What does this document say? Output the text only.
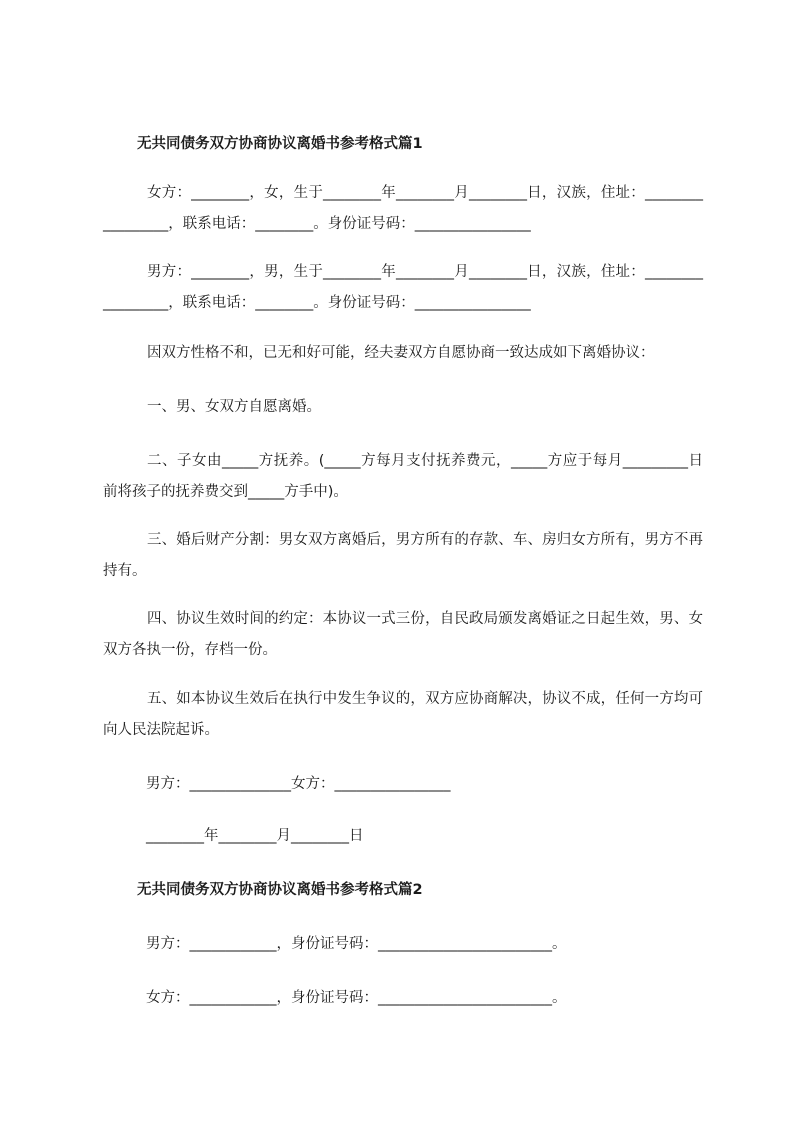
无共同债务双方协商协议离婚书参考格式篇1

女方：________，女，生于________年________月________日，汉族，住址：_________________，联系电话：________。身份证号码：________________

男方：________，男，生于________年________月________日，汉族，住址：_________________，联系电话：________。身份证号码：________________

因双方性格不和，已无和好可能，经夫妻双方自愿协商一致达成如下离婚协议：

一、男、女双方自愿离婚。

二、子女由_____方抚养。(_____方每月支付抚养费元，_____方应于每月_________日前将孩子的抚养费交到_____方手中)。

三、婚后财产分割：男女双方离婚后，男方所有的存款、车、房归女方所有，男方不再持有。

四、协议生效时间的约定：本协议一式三份，自民政局颁发离婚证之日起生效，男、女双方各执一份，存档一份。

五、如本协议生效后在执行中发生争议的，双方应协商解决，协议不成，任何一方均可向人民法院起诉。

男方：______________女方：________________
________年________月________日
无共同债务双方协商协议离婚书参考格式篇2
男方：____________，身份证号码：________________________。
女方：____________，身份证号码：________________________。
